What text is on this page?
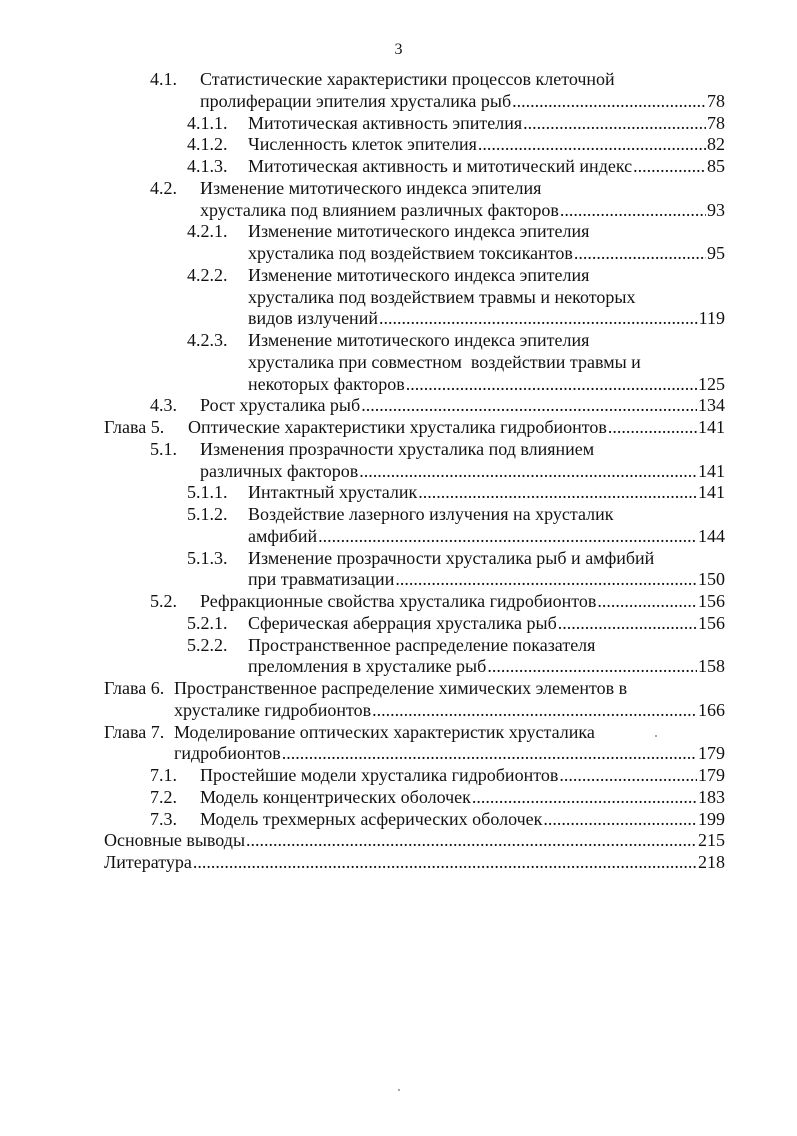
3
4.1. Статистические характеристики процессов клеточной
пролиферации эпителия хрусталика рыб .....	78
4.1.1. Митотическая активность эпителия .....	78
4.1.2. Численность клеток эпителия .....	82
4.1.3. Митотическая активность и митотический индекс .....	85
4.2. Изменение митотического индекса эпителия
хрусталика под влиянием различных факторов .....	93
4.2.1. Изменение митотического индекса эпителия
хрусталика под воздействием токсикантов .....	95
4.2.2. Изменение митотического индекса эпителия
хрусталика под воздействием травмы и некоторых
видов излучений .....	119
4.2.3. Изменение митотического индекса эпителия
хрусталика при совместном  воздействии травмы и
некоторых факторов .....	125
4.3. Рост хрусталика рыб .....	134
Глава 5. Оптические характеристики хрусталика гидробионтов .....	141
5.1. Изменения прозрачности хрусталика под влиянием
различных факторов .....	141
5.1.1. Интактный хрусталик .....	141
5.1.2. Воздействие лазерного излучения на хрусталик
амфибий .....	144
5.1.3. Изменение прозрачности хрусталика рыб и амфибий
при травматизации .....	150
5.2. Рефракционные свойства хрусталика гидробионтов .....	156
5.2.1. Сферическая аберрация хрусталика рыб .....	156
5.2.2. Пространственное распределение показателя
преломления в хрусталике рыб .....	158
Глава 6. Пространственное распределение химических элементов в
хрусталике гидробионтов .....	166
Глава 7. Моделирование оптических характеристик хрусталика
гидробионтов .....	179
7.1. Простейшие модели хрусталика гидробионтов .....	179
7.2. Модель концентрических оболочек .....	183
7.3. Модель трехмерных асферических оболочек .....	199
Основные выводы .....	215
Литература .....	218
